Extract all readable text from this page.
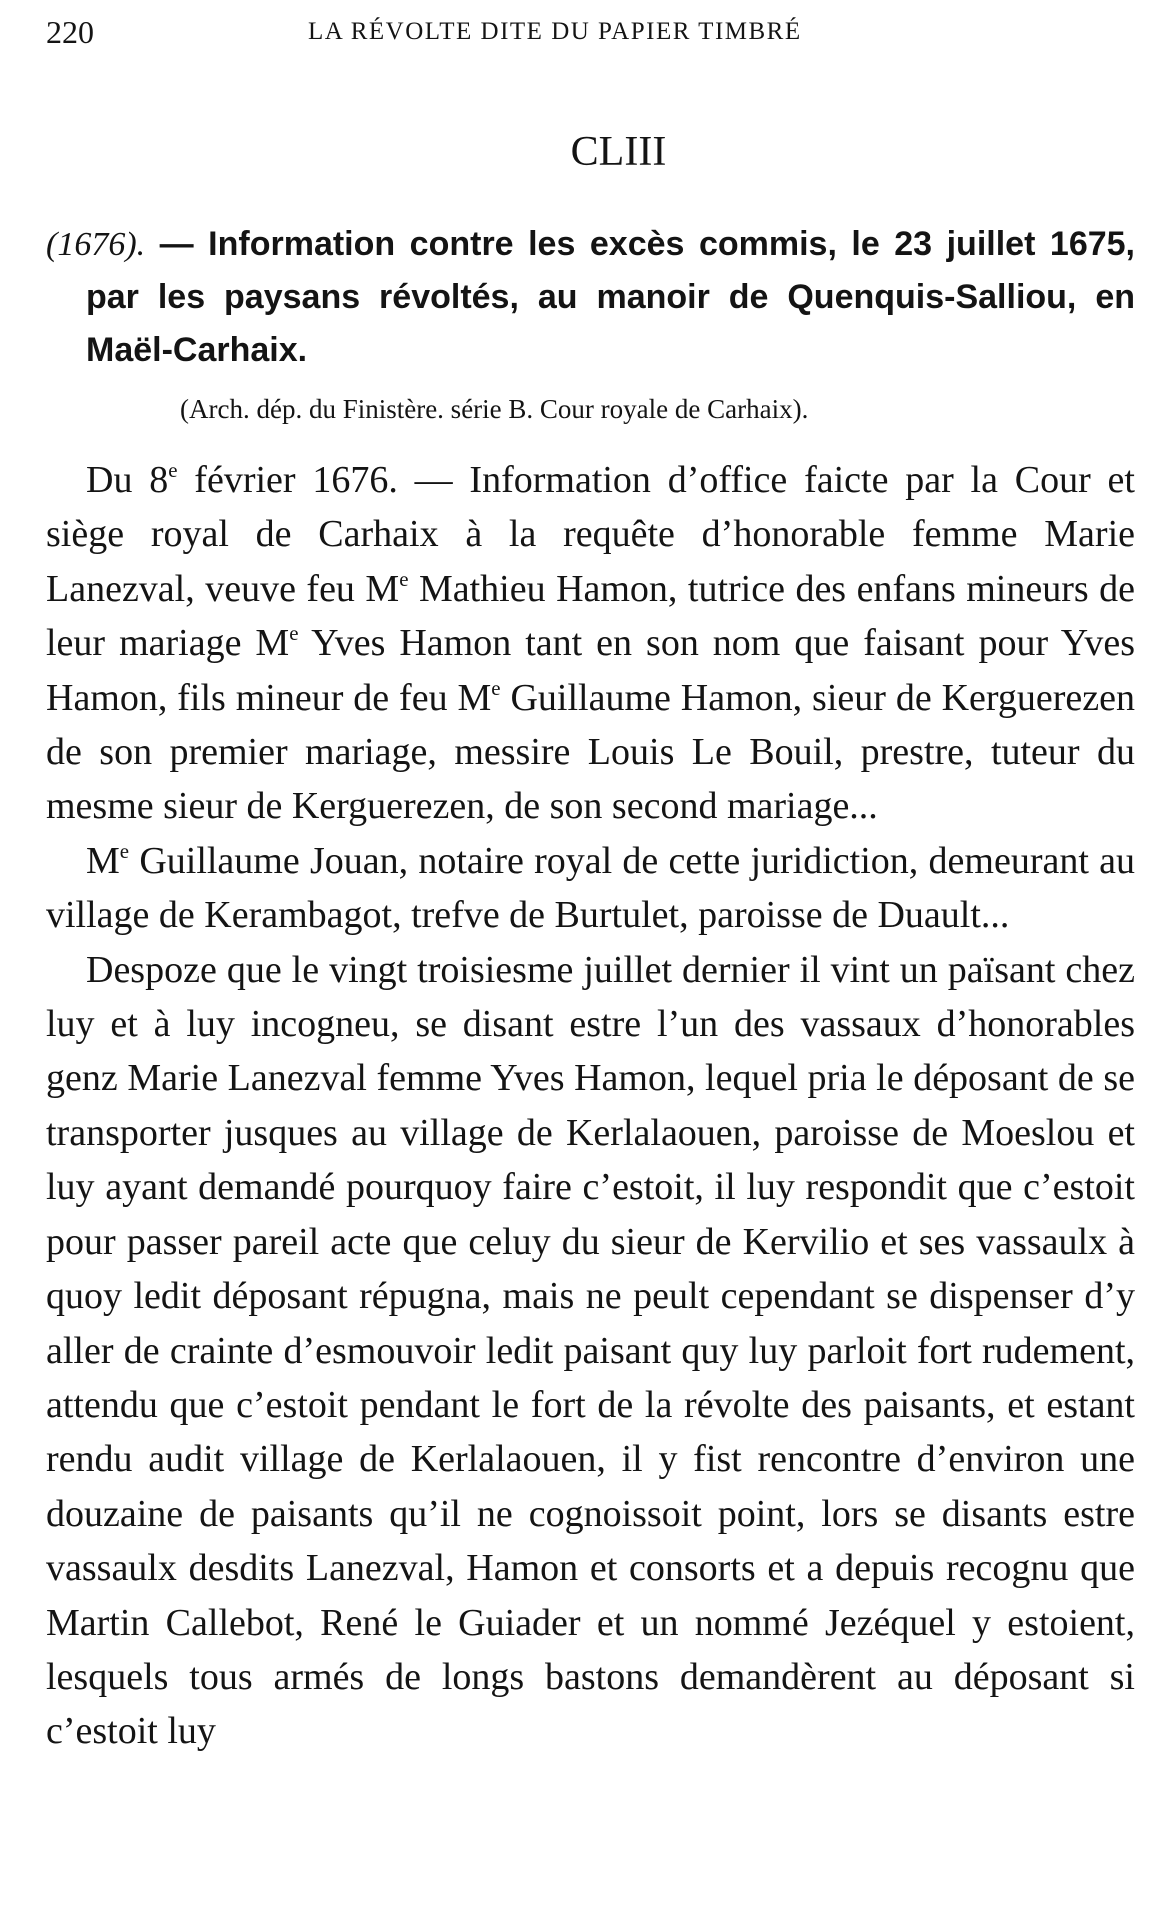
220	LA RÉVOLTE DITE DU PAPIER TIMBRÉ
CLIII
(1676). — Information contre les excès commis, le 23 juillet 1675, par les paysans révoltés, au manoir de Quenquis-Salliou, en Maël-Carhaix.
(Arch. dép. du Finistère. série B. Cour royale de Carhaix).

Du 8e février 1676. — Information d’office faicte par la Cour et siège royal de Carhaix à la requête d’honorable femme Marie Lanezval, veuve feu Me Mathieu Hamon, tutrice des enfans mineurs de leur mariage Me Yves Hamon tant en son nom que faisant pour Yves Hamon, fils mineur de feu Me Guillaume Hamon, sieur de Kerguerezen de son premier mariage, messire Louis Le Bouil, prestre, tuteur du mesme sieur de Kerguerezen, de son second mariage...

Me Guillaume Jouan, notaire royal de cette juridiction, demeurant au village de Kerambagot, trefve de Burtulet, paroisse de Duault...

Despoze que le vingt troisiesme juillet dernier il vint un païsant chez luy et à luy incogneu, se disant estre l’un des vassaux d’honorables genz Marie Lanezval femme Yves Hamon, lequel pria le déposant de se transporter jusques au village de Kerlalaouen, paroisse de Moeslou et luy ayant demandé pourquoy faire c’estoit, il luy respondit que c’estoit pour passer pareil acte que celuy du sieur de Kervilio et ses vassaulx à quoy ledit déposant répugna, mais ne peult cependant se dispenser d’y aller de crainte d’esmouvoir ledit paisant quy luy parloit fort rudement, attendu que c’estoit pendant le fort de la révolte des paisants, et estant rendu audit village de Kerlalaouen, il y fist rencontre d’environ une douzaine de paisants qu’il ne cognoissoit point, lors se disants estre vassaulx desdits Lanezval, Hamon et consorts et a depuis recognu que Martin Callebot, René le Guiader et un nommé Jezéquel y estoient, lesquels tous armés de longs bastons demandèrent au déposant si c’estoit luy
